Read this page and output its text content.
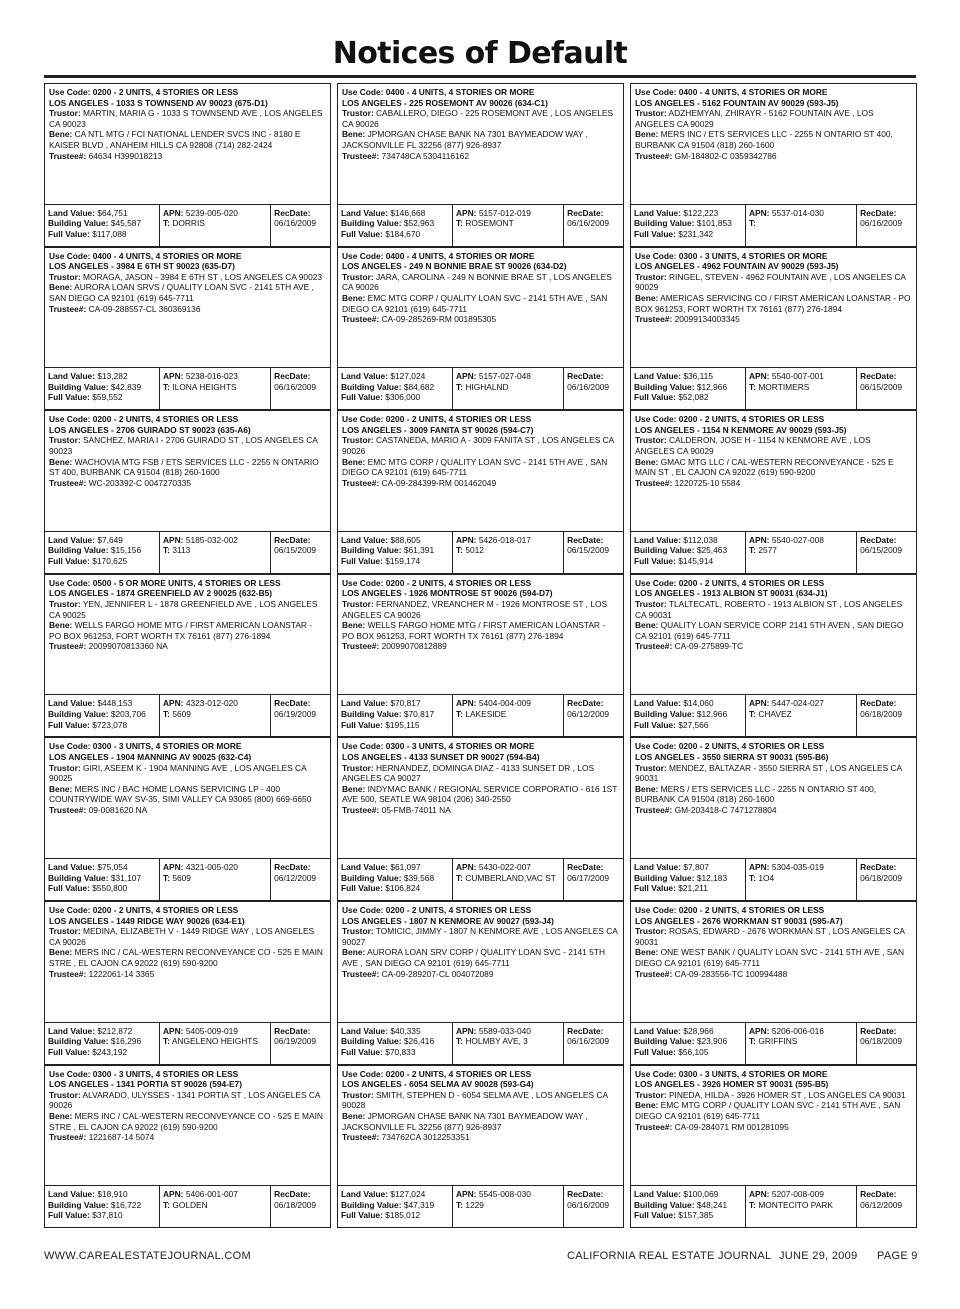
Notices of Default
Use Code: 0200 - 2 UNITS, 4 STORIES OR LESS
LOS ANGELES - 1033 S TOWNSEND AV 90023 (675-D1)
Trustor: MARTIN, MARIA G - 1033 S TOWNSEND AVE , LOS ANGELES CA 90023
Bene: CA NTL MTG / FCI NATIONAL LENDER SVCS INC - 8180 E KAISER BLVD , ANAHEIM HILLS CA 92808 (714) 282-2424
Trustee#: 64634 H399018213
Land Value: $64,751
Building Value: $45,587
Full Value: $117,088
APN: 5239-005-020
T: DORRIS
RecDate:
06/16/2009
Use Code: 0400 - 4 UNITS, 4 STORIES OR MORE
LOS ANGELES - 225 ROSEMONT AV 90026 (634-C1)
Trustor: CABALLERO, DIEGO - 225 ROSEMONT AVE , LOS ANGELES CA 90026
Bene: JPMORGAN CHASE BANK NA 7301 BAYMEADOW WAY , JACKSONVILLE FL 32256 (877) 926-8937
Trustee#: 734748CA 5304116162
Land Value: $146,668
Building Value: $52,963
Full Value: $184,670
APN: 5157-012-019
T: ROSEMONT
RecDate:
06/16/2009
Use Code: 0400 - 4 UNITS, 4 STORIES OR MORE
LOS ANGELES - 5162 FOUNTAIN AV 90029 (593-J5)
Trustor: ADZHEMYAN, ZHIRAYR - 5162 FOUNTAIN AVE , LOS ANGELES CA 90029
Bene: MERS INC / ETS SERVICES LLC - 2255 N ONTARIO ST 400, BURBANK CA 91504 (818) 260-1600
Trustee#: GM-184802-C 0359342786
Land Value: $122,223
Building Value: $101,853
Full Value: $231,342
APN: 5537-014-030
T:
RecDate:
06/16/2009
Use Code: 0400 - 4 UNITS, 4 STORIES OR MORE
LOS ANGELES - 3984 E 6TH ST 90023 (635-D7)
Trustor: MORAGA, JASON - 3984 E 6TH ST , LOS ANGELES CA 90023
Bene: AURORA LOAN SRVS / QUALITY LOAN SVC - 2141 5TH AVE , SAN DIEGO CA 92101 (619) 645-7711
Trustee#: CA-09-288557-CL 360369136
Land Value: $13,282
Building Value: $42,839
Full Value: $59,552
APN: 5238-016-023
T: ILONA HEIGHTS
RecDate:
06/16/2009
Use Code: 0400 - 4 UNITS, 4 STORIES OR MORE
LOS ANGELES - 249 N BONNIE BRAE ST 90026 (634-D2)
Trustor: JARA, CAROLINA - 249 N BONNIE BRAE ST , LOS ANGELES CA 90026
Bene: EMC MTG CORP / QUALITY LOAN SVC - 2141 5TH AVE , SAN DIEGO CA 92101 (619) 645-7711
Trustee#: CA-09-285269-RM 001895305
Land Value: $127,024
Building Value: $84,682
Full Value: $306,000
APN: 5157-027-048
T: HIGHALND
RecDate:
06/16/2009
Use Code: 0300 - 3 UNITS, 4 STORIES OR MORE
LOS ANGELES - 4962 FOUNTAIN AV 90029 (593-J5)
Trustor: RINGEL, STEVEN - 4962 FOUNTAIN AVE , LOS ANGELES CA 90029
Bene: AMERICAS SERVICING CO / FIRST AMERICAN LOANSTAR - PO BOX 961253, FORT WORTH TX 76161 (877) 276-1894
Trustee#: 20099134003345
Land Value: $36,115
Building Value: $12,966
Full Value: $52,082
APN: 5540-007-001
T: MORTIMERS
RecDate:
06/15/2009
Use Code: 0200 - 2 UNITS, 4 STORIES OR LESS
LOS ANGELES - 2706 GUIRADO ST 90023 (635-A6)
Trustor: SANCHEZ, MARIA I - 2706 GUIRADO ST , LOS ANGELES CA 90023
Bene: WACHOVIA MTG FSB / ETS SERVICES LLC - 2255 N ONTARIO ST 400, BURBANK CA 91504 (818) 260-1600
Trustee#: WC-203392-C 0047270335
Land Value: $7,649
Building Value: $15,156
Full Value: $170,625
APN: 5185-032-002
T: 3113
RecDate:
06/15/2009
Use Code: 0200 - 2 UNITS, 4 STORIES OR LESS
LOS ANGELES - 3009 FANITA ST 90026 (594-C7)
Trustor: CASTANEDA, MARIO A - 3009 FANITA ST , LOS ANGELES CA 90026
Bene: EMC MTG CORP / QUALITY LOAN SVC - 2141 5TH AVE , SAN DIEGO CA 92101 (619) 645-7711
Trustee#: CA-09-284399-RM 001462049
Land Value: $88,605
Building Value: $61,391
Full Value: $159,174
APN: 5426-018-017
T: 5012
RecDate:
06/15/2009
Use Code: 0200 - 2 UNITS, 4 STORIES OR LESS
LOS ANGELES - 1154 N KENMORE AV 90029 (593-J5)
Trustor: CALDERON, JOSE H - 1154 N KENMORE AVE , LOS ANGELES CA 90029
Bene: GMAC MTG LLC / CAL-WESTERN RECONVEYANCE - 525 E MAIN ST , EL CAJON CA 92022 (619) 590-9200
Trustee#: 1220725-10 5584
Land Value: $112,038
Building Value: $25,463
Full Value: $145,914
APN: 5540-027-008
T: 2577
RecDate:
06/15/2009
Use Code: 0500 - 5 OR MORE UNITS, 4 STORIES OR LESS
LOS ANGELES - 1874 GREENFIELD AV 2 90025 (632-B5)
Trustor: YEN, JENNIFER L - 1878 GREENFIELD AVE , LOS ANGELES CA 90025
Bene: WELLS FARGO HOME MTG / FIRST AMERICAN LOANSTAR - PO BOX 961253, FORT WORTH TX 76161 (877) 276-1894
Trustee#: 20099070813360 NA
Land Value: $448,153
Building Value: $203,706
Full Value: $723,078
APN: 4323-012-020
T: 5609
RecDate:
06/19/2009
Use Code: 0200 - 2 UNITS, 4 STORIES OR LESS
LOS ANGELES - 1926 MONTROSE ST 90026 (594-D7)
Trustor: FERNANDEZ, VREANCHER M - 1926 MONTROSE ST , LOS ANGELES CA 90026
Bene: WELLS FARGO HOME MTG / FIRST AMERICAN LOANSTAR - PO BOX 961253, FORT WORTH TX 76161 (877) 276-1894
Trustee#: 20099070812889
Land Value: $70,817
Building Value: $70,817
Full Value: $195,115
APN: 5404-004-009
T: LAKESIDE
RecDate:
06/12/2009
Use Code: 0200 - 2 UNITS, 4 STORIES OR LESS
LOS ANGELES - 1913 ALBION ST 90031 (634-J1)
Trustor: TLALTECATL, ROBERTO - 1913 ALBION ST , LOS ANGELES CA 90031
Bene: QUALITY LOAN SERVICE CORP 2141 5TH AVEN , SAN DIEGO CA 92101 (619) 645-7711
Trustee#: CA-09-275899-TC
Land Value: $14,060
Building Value: $12,966
Full Value: $27,566
APN: 5447-024-027
T: CHAVEZ
RecDate:
06/18/2009
Use Code: 0300 - 3 UNITS, 4 STORIES OR MORE
LOS ANGELES - 1904 MANNING AV 90025 (632-C4)
Trustor: GIRI, ASEEM K - 1904 MANNING AVE , LOS ANGELES CA 90025
Bene: MERS INC / BAC HOME LOANS SERVICING LP - 400 COUNTRYWIDE WAY SV-35, SIMI VALLEY CA 93065 (800) 669-6650
Trustee#: 09-0081620 NA
Land Value: $75,054
Building Value: $31,107
Full Value: $550,800
APN: 4321-005-020
T: 5609
RecDate:
06/12/2009
Use Code: 0300 - 3 UNITS, 4 STORIES OR MORE
LOS ANGELES - 4133 SUNSET DR 90027 (594-B4)
Trustor: HERNANDEZ, DOMINGA DIAZ - 4133 SUNSET DR , LOS ANGELES CA 90027
Bene: INDYMAC BANK / REGIONAL SERVICE CORPORATIO - 616 1ST AVE 500, SEATLE WA 98104 (206) 340-2550
Trustee#: 05-FMB-74011 NA
Land Value: $61,097
Building Value: $39,568
Full Value: $106,824
APN: 5430-022-007
T: CUMBERLAND,VAC ST
RecDate:
06/17/2009
Use Code: 0200 - 2 UNITS, 4 STORIES OR LESS
LOS ANGELES - 3550 SIERRA ST 90031 (595-B6)
Trustor: MENDEZ, BALTAZAR - 3550 SIERRA ST , LOS ANGELES CA 90031
Bene: MERS / ETS SERVICES LLC - 2255 N ONTARIO ST 400, BURBANK CA 91504 (818) 260-1600
Trustee#: GM-203418-C 7471278804
Land Value: $7,807
Building Value: $12,183
Full Value: $21,211
APN: 5304-035-019
T: 1O4
RecDate:
06/18/2009
Use Code: 0200 - 2 UNITS, 4 STORIES OR LESS
LOS ANGELES - 1449 RIDGE WAY 90026 (634-E1)
Trustor: MEDINA, ELIZABETH V - 1449 RIDGE WAY , LOS ANGELES CA 90026
Bene: MERS INC / CAL-WESTERN RECONVEYANCE CO - 525 E MAIN STRE , EL CAJON CA 92022 (619) 590-9200
Trustee#: 1222061-14 3365
Land Value: $212,872
Building Value: $16,296
Full Value: $243,192
APN: 5405-009-019
T: ANGELENO HEIGHTS
RecDate:
06/19/2009
Use Code: 0200 - 2 UNITS, 4 STORIES OR LESS
LOS ANGELES - 1807 N KENMORE AV 90027 (593-J4)
Trustor: TOMICIC, JIMMY - 1807 N KENMORE AVE , LOS ANGELES CA 90027
Bene: AURORA LOAN SRV CORP / QUALITY LOAN SVC - 2141 5TH AVE , SAN DIEGO CA 92101 (619) 645-7711
Trustee#: CA-09-289207-CL 004072089
Land Value: $40,335
Building Value: $26,416
Full Value: $70,833
APN: 5589-033-040
T: HOLMBY AVE, 3
RecDate:
06/16/2009
Use Code: 0200 - 2 UNITS, 4 STORIES OR LESS
LOS ANGELES - 2676 WORKMAN ST 90031 (595-A7)
Trustor: ROSAS, EDWARD - 2676 WORKMAN ST , LOS ANGELES CA 90031
Bene: ONE WEST BANK / QUALITY LOAN SVC - 2141 5TH AVE , SAN DIEGO CA 92101 (619) 645-7711
Trustee#: CA-09-283556-TC 100994488
Land Value: $28,966
Building Value: $23,906
Full Value: $56,105
APN: 5206-006-016
T: GRIFFINS
RecDate:
06/18/2009
Use Code: 0300 - 3 UNITS, 4 STORIES OR LESS
LOS ANGELES - 1341 PORTIA ST 90026 (594-E7)
Trustor: ALVARADO, ULYSSES - 1341 PORTIA ST , LOS ANGELES CA 90026
Bene: MERS INC / CAL-WESTERN RECONVEYANCE CO - 525 E MAIN STRE , EL CAJON CA 92022 (619) 590-9200
Trustee#: 1221687-14 5074
Land Value: $18,910
Building Value: $16,722
Full Value: $37,810
APN: 5406-001-007
T: GOLDEN
RecDate:
06/18/2009
Use Code: 0200 - 2 UNITS, 4 STORIES OR LESS
LOS ANGELES - 6054 SELMA AV 90028 (593-G4)
Trustor: SMITH, STEPHEN D - 6054 SELMA AVE , LOS ANGELES CA 90028
Bene: JPMORGAN CHASE BANK NA 7301 BAYMEADOW WAY , JACKSONVILLE FL 32256 (877) 926-8937
Trustee#: 734762CA 3012253351
Land Value: $127,024
Building Value: $47,319
Full Value: $185,012
APN: 5545-008-030
T: 1229
RecDate:
06/16/2009
Use Code: 0300 - 3 UNITS, 4 STORIES OR MORE
LOS ANGELES - 3926 HOMER ST 90031 (595-B5)
Trustor: PINEDA, HILDA - 3926 HOMER ST , LOS ANGELES CA 90031
Bene: EMC MTG CORP / QUALITY LOAN SVC - 2141 5TH AVE , SAN DIEGO CA 92101 (619) 645-7711
Trustee#: CA-09-284071 RM 001281095
Land Value: $100,069
Building Value: $48,241
Full Value: $157,385
APN: 5207-008-009
T: MONTECITO PARK
RecDate:
06/12/2009
WWW.CAREALESTATEJOURNAL.COM	CALIFORNIA REAL ESTATE JOURNAL JUNE 29, 2009 PAGE 9
